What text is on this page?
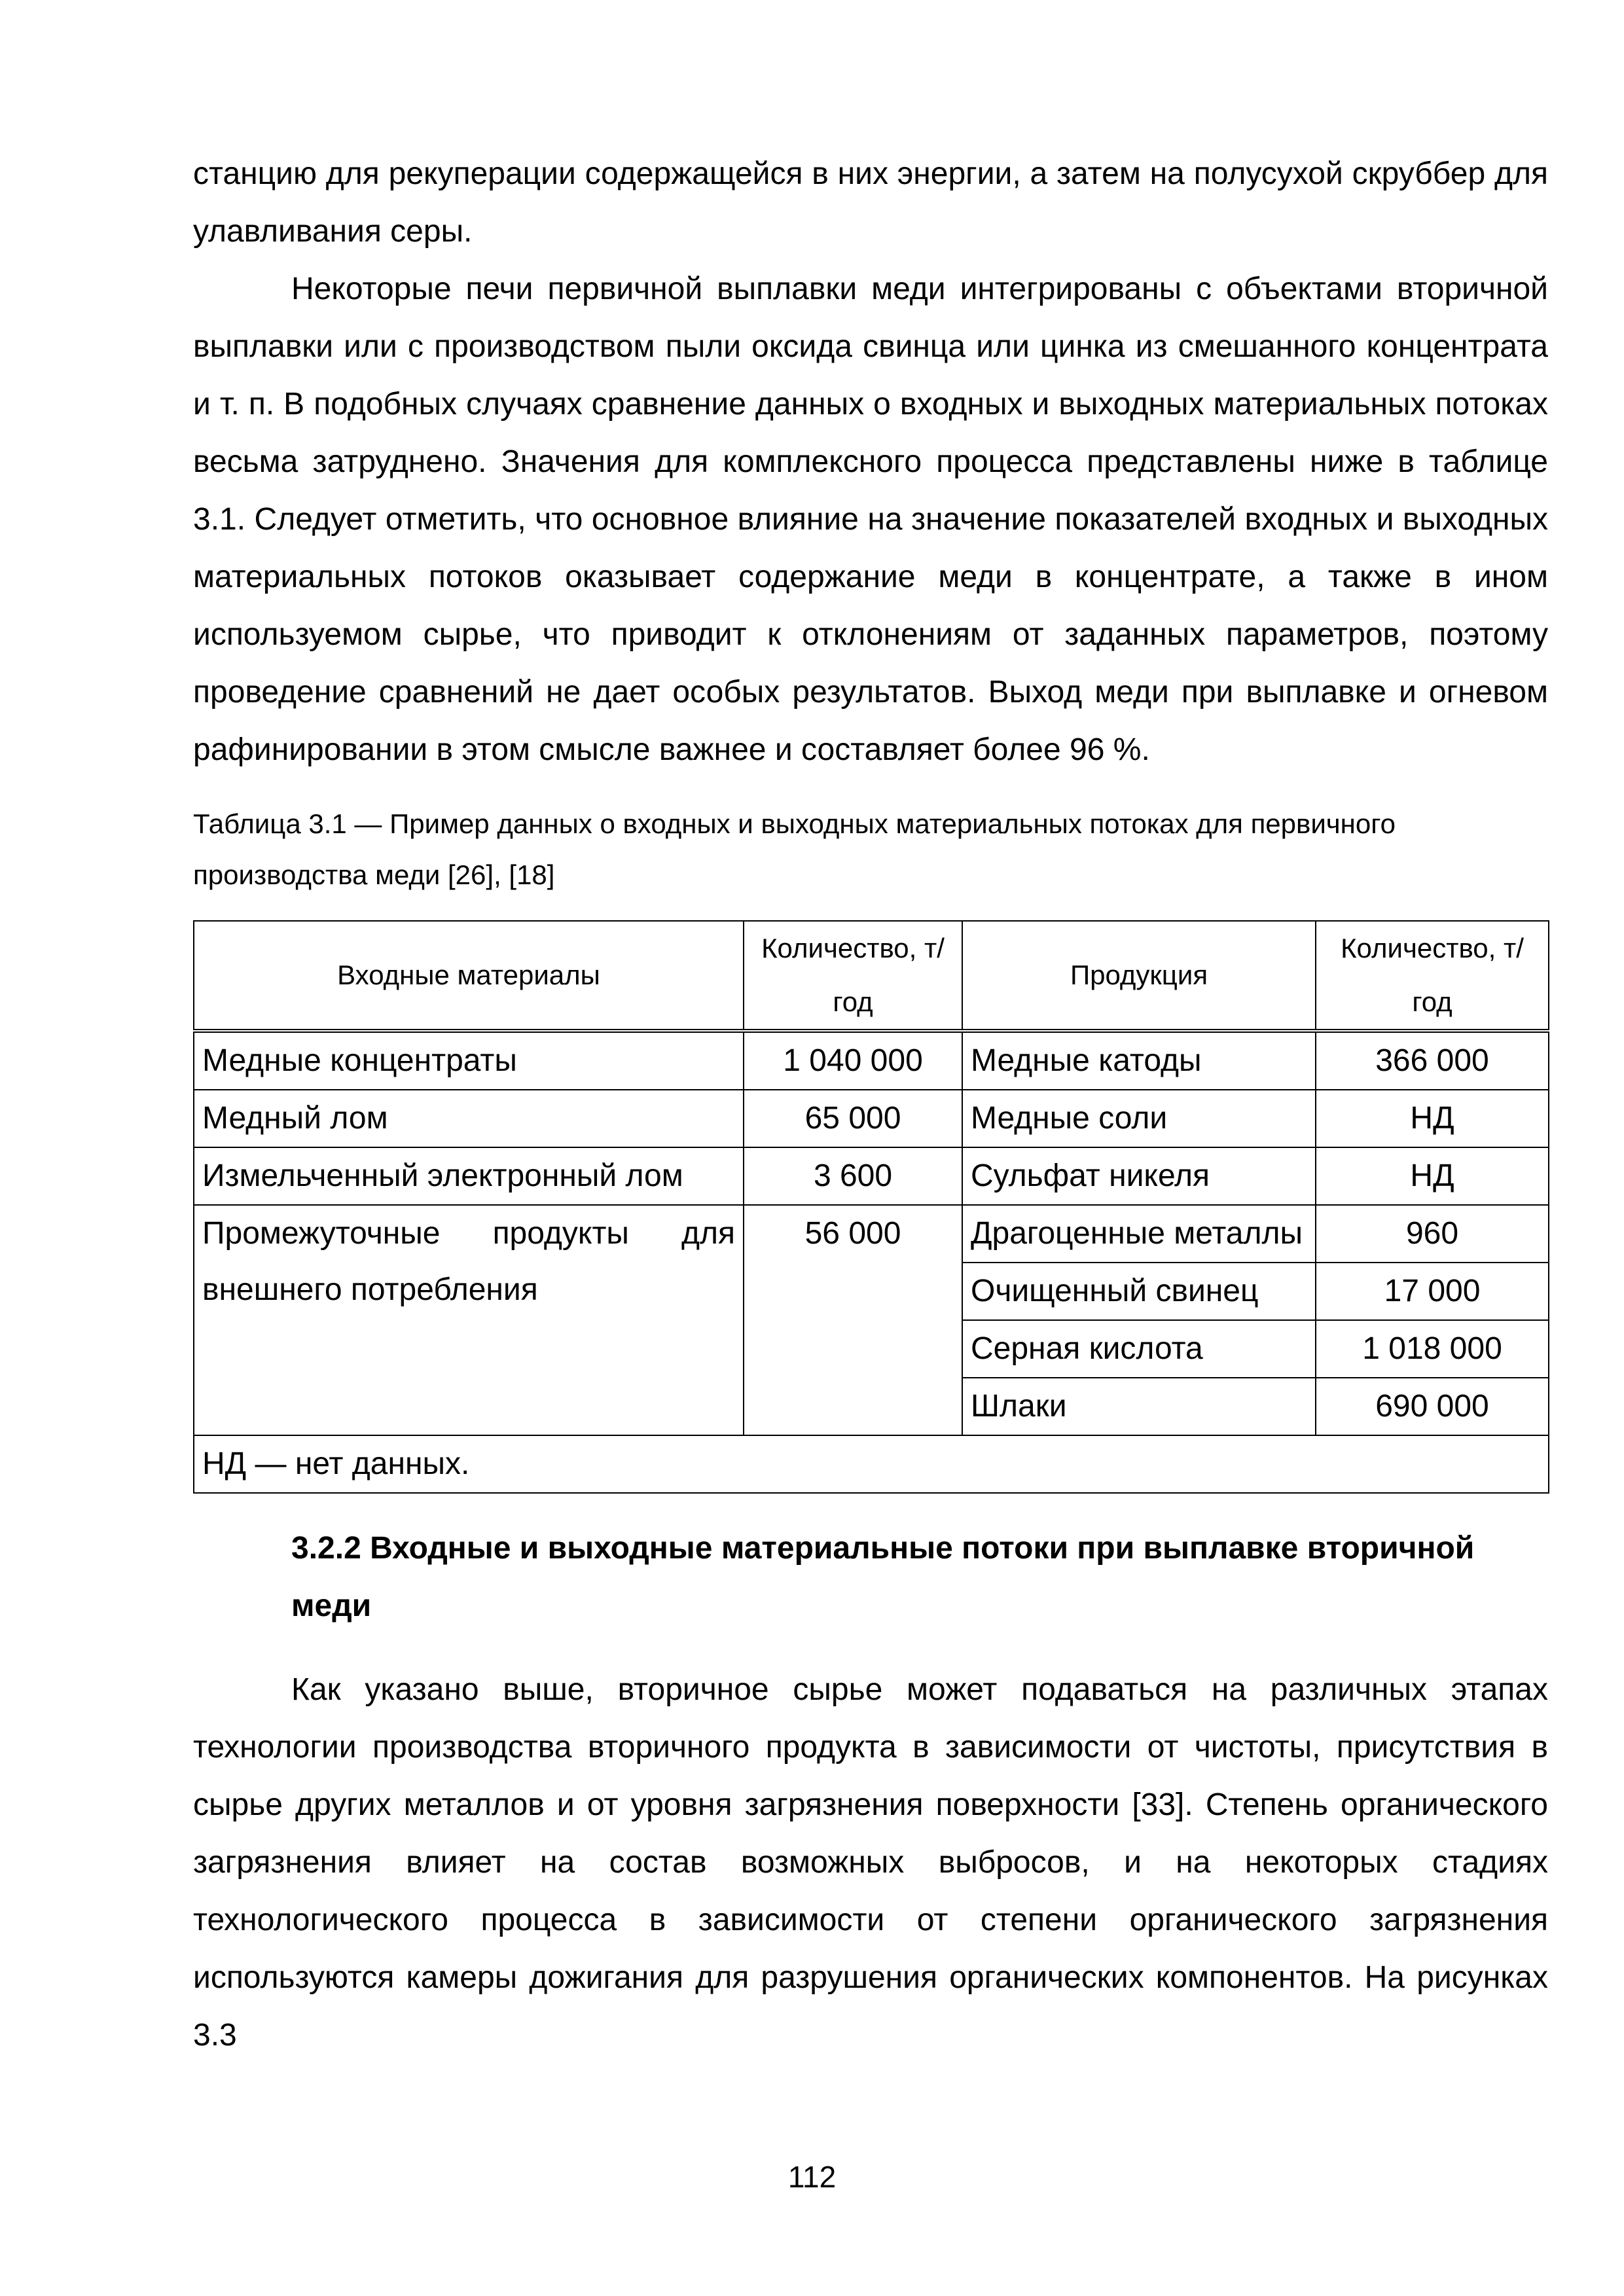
станцию для рекуперации содержащейся в них энергии, а затем на полусухой скруббер для улавливания серы.

Некоторые печи первичной выплавки меди интегрированы с объектами вторичной выплавки или с производством пыли оксида свинца или цинка из смешанного концентрата и т. п. В подобных случаях сравнение данных о входных и выходных материальных потоках весьма затруднено. Значения для комплексного процесса представлены ниже в таблице 3.1. Следует отметить, что основное влияние на значение показателей входных и выходных материальных потоков оказывает содержание меди в концентрате, а также в ином используемом сырье, что приводит к отклонениям от заданных параметров, поэтому проведение сравнений не дает особых результатов. Выход меди при выплавке и огневом рафинировании в этом смысле важнее и составляет более 96 %.

Таблица 3.1 — Пример данных о входных и выходных материальных потоках для первичного производства меди [26], [18]

Входные материалы	Количество, т/год	Продукция	Количество, т/год
Медные концентраты	1 040 000	Медные катоды	366 000
Медный лом	65 000	Медные соли	НД
Измельченный электронный лом	3 600	Сульфат никеля	НД
Промежуточные продукты для внешнего потребления	56 000	Драгоценные металлы	960
		Очищенный свинец	17 000
		Серная кислота	1 018 000
		Шлаки	690 000
НД — нет данных.			
3.2.2 Входные и выходные материальные потоки при выплавке вторичной меди

Как указано выше, вторичное сырье может подаваться на различных этапах технологии производства вторичного продукта в зависимости от чистоты, присутствия в сырье других металлов и от уровня загрязнения поверхности [33]. Степень органического загрязнения влияет на состав возможных выбросов, и на некоторых стадиях технологического процесса в зависимости от степени органического загрязнения используются камеры дожигания для разрушения органических компонентов. На рисунках 3.3

112
